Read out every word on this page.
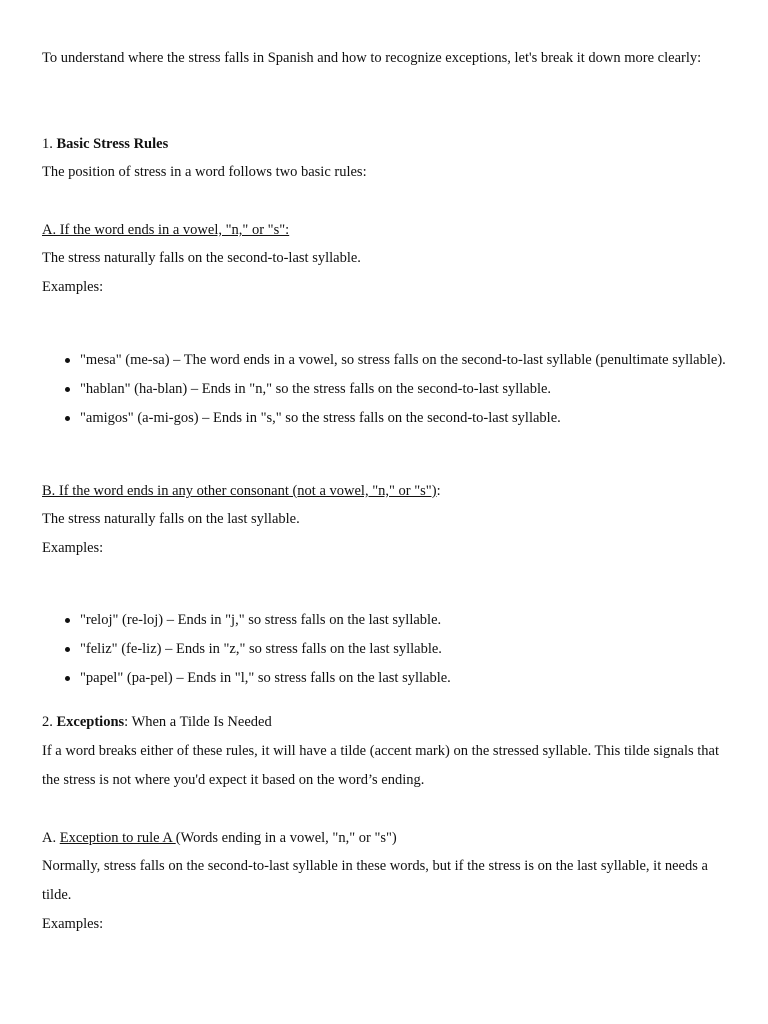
To understand where the stress falls in Spanish and how to recognize exceptions, let's break it down more clearly:

1. Basic Stress Rules
The position of stress in a word follows two basic rules:
A. If the word ends in a vowel, "n," or "s":
The stress naturally falls on the second-to-last syllable.
Examples:
"mesa" (me-sa) – The word ends in a vowel, so stress falls on the second-to-last syllable (penultimate syllable).
"hablan" (ha-blan) – Ends in "n," so the stress falls on the second-to-last syllable.
"amigos" (a-mi-gos) – Ends in "s," so the stress falls on the second-to-last syllable.
B. If the word ends in any other consonant (not a vowel, "n," or "s"):
The stress naturally falls on the last syllable.
Examples:
"reloj" (re-loj) – Ends in "j," so stress falls on the last syllable.
"feliz" (fe-liz) – Ends in "z," so stress falls on the last syllable.
"papel" (pa-pel) – Ends in "l," so stress falls on the last syllable.
2. Exceptions: When a Tilde Is Needed

If a word breaks either of these rules, it will have a tilde (accent mark) on the stressed syllable. This tilde signals that the stress is not where you'd expect it based on the word’s ending.

A. Exception to rule A (Words ending in a vowel, "n," or "s")

Normally, stress falls on the second-to-last syllable in these words, but if the stress is on the last syllable, it needs a tilde.

Examples:
